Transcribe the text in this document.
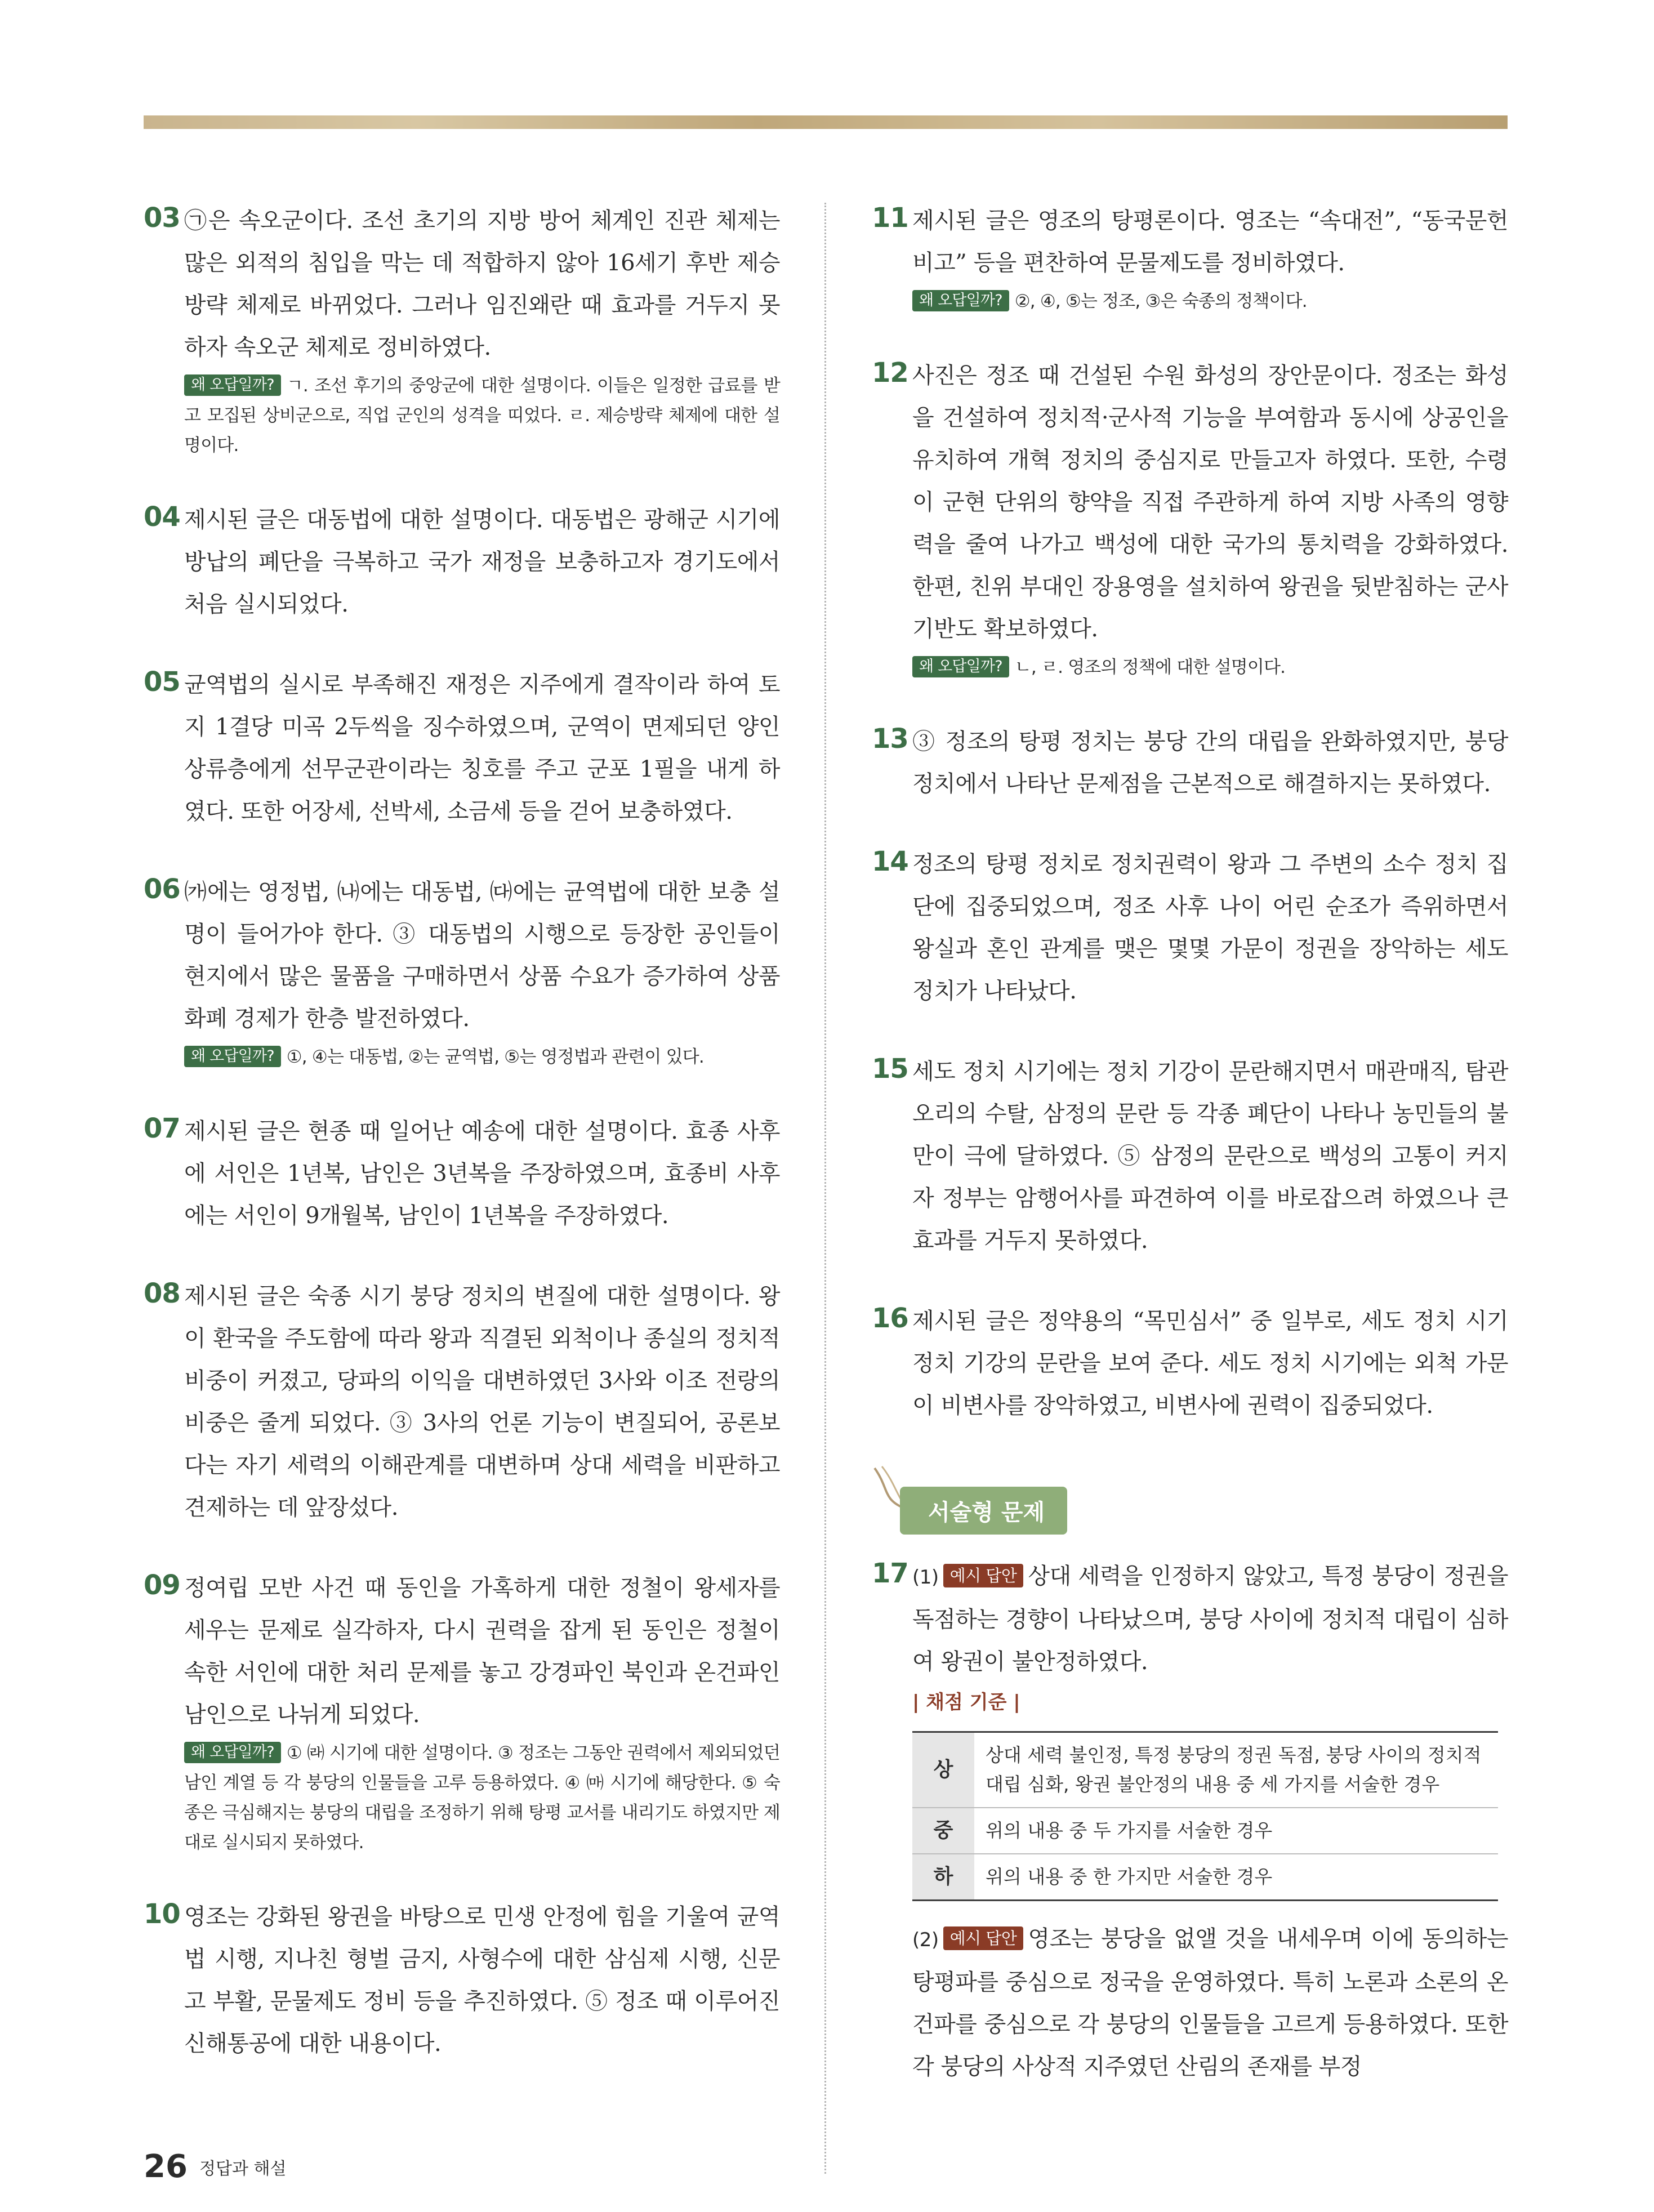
03 ㉠은 속오군이다. 조선 초기의 지방 방어 체계인 진관 체제는 많은 외적의 침입을 막는 데 적합하지 않아 16세기 후반 제승방략 체제로 바뀌었다. 그러나 임진왜란 때 효과를 거두지 못하자 속오군 체제로 정비하였다.
왜 오답일까? ㄱ. 조선 후기의 중앙군에 대한 설명이다. 이들은 일정한 급료를 받고 모집된 상비군으로, 직업 군인의 성격을 띠었다. ㄹ. 제승방략 체제에 대한 설명이다.
04 제시된 글은 대동법에 대한 설명이다. 대동법은 광해군 시기에 방납의 폐단을 극복하고 국가 재정을 보충하고자 경기도에서 처음 실시되었다.
05 균역법의 실시로 부족해진 재정은 지주에게 결작이라 하여 토지 1결당 미곡 2두씩을 징수하였으며, 군역이 면제되던 양인 상류층에게 선무군관이라는 칭호를 주고 군포 1필을 내게 하였다. 또한 어장세, 선박세, 소금세 등을 걷어 보충하였다.
06 ㈎에는 영정법, ㈏에는 대동법, ㈐에는 균역법에 대한 보충 설명이 들어가야 한다. ③ 대동법의 시행으로 등장한 공인들이 현지에서 많은 물품을 구매하면서 상품 수요가 증가하여 상품 화폐 경제가 한층 발전하였다.
왜 오답일까? ①, ④는 대동법, ②는 균역법, ⑤는 영정법과 관련이 있다.
07 제시된 글은 현종 때 일어난 예송에 대한 설명이다. 효종 사후에 서인은 1년복, 남인은 3년복을 주장하였으며, 효종비 사후에는 서인이 9개월복, 남인이 1년복을 주장하였다.
08 제시된 글은 숙종 시기 붕당 정치의 변질에 대한 설명이다. 왕이 환국을 주도함에 따라 왕과 직결된 외척이나 종실의 정치적 비중이 커졌고, 당파의 이익을 대변하였던 3사와 이조 전랑의 비중은 줄게 되었다. ③ 3사의 언론 기능이 변질되어, 공론보다는 자기 세력의 이해관계를 대변하며 상대 세력을 비판하고 견제하는 데 앞장섰다.
09 정여립 모반 사건 때 동인을 가혹하게 대한 정철이 왕세자를 세우는 문제로 실각하자, 다시 권력을 잡게 된 동인은 정철이 속한 서인에 대한 처리 문제를 놓고 강경파인 북인과 온건파인 남인으로 나뉘게 되었다.
왜 오답일까? ① ㈑ 시기에 대한 설명이다. ③ 정조는 그동안 권력에서 제외되었던 남인 계열 등 각 붕당의 인물들을 고루 등용하였다. ④ ㈒ 시기에 해당한다. ⑤ 숙종은 극심해지는 붕당의 대립을 조정하기 위해 탕평 교서를 내리기도 하였지만 제대로 실시되지 못하였다.
10 영조는 강화된 왕권을 바탕으로 민생 안정에 힘을 기울여 균역법 시행, 지나친 형벌 금지, 사형수에 대한 삼심제 시행, 신문고 부활, 문물제도 정비 등을 추진하였다. ⑤ 정조 때 이루어진 신해통공에 대한 내용이다.
11 제시된 글은 영조의 탕평론이다. 영조는 “속대전”, “동국문헌비고” 등을 편찬하여 문물제도를 정비하였다.
왜 오답일까? ②, ④, ⑤는 정조, ③은 숙종의 정책이다.
12 사진은 정조 때 건설된 수원 화성의 장안문이다. 정조는 화성을 건설하여 정치적·군사적 기능을 부여함과 동시에 상공인을 유치하여 개혁 정치의 중심지로 만들고자 하였다. 또한, 수령이 군현 단위의 향약을 직접 주관하게 하여 지방 사족의 영향력을 줄여 나가고 백성에 대한 국가의 통치력을 강화하였다. 한편, 친위 부대인 장용영을 설치하여 왕권을 뒷받침하는 군사 기반도 확보하였다.
왜 오답일까? ㄴ, ㄹ. 영조의 정책에 대한 설명이다.
13 ③ 정조의 탕평 정치는 붕당 간의 대립을 완화하였지만, 붕당 정치에서 나타난 문제점을 근본적으로 해결하지는 못하였다.
14 정조의 탕평 정치로 정치권력이 왕과 그 주변의 소수 정치 집단에 집중되었으며, 정조 사후 나이 어린 순조가 즉위하면서 왕실과 혼인 관계를 맺은 몇몇 가문이 정권을 장악하는 세도 정치가 나타났다.
15 세도 정치 시기에는 정치 기강이 문란해지면서 매관매직, 탐관오리의 수탈, 삼정의 문란 등 각종 폐단이 나타나 농민들의 불만이 극에 달하였다. ⑤ 삼정의 문란으로 백성의 고통이 커지자 정부는 암행어사를 파견하여 이를 바로잡으려 하였으나 큰 효과를 거두지 못하였다.
16 제시된 글은 정약용의 “목민심서” 중 일부로, 세도 정치 시기 정치 기강의 문란을 보여 준다. 세도 정치 시기에는 외척 가문이 비변사를 장악하였고, 비변사에 권력이 집중되었다.
서술형 문제
17 (1) 예시 답안 상대 세력을 인정하지 않았고, 특정 붕당이 정권을 독점하는 경향이 나타났으며, 붕당 사이에 정치적 대립이 심하여 왕권이 불안정하였다.
| 채점 기준 |
상	상대 세력 불인정, 특정 붕당의 정권 독점, 붕당 사이의 정치적 대립 심화, 왕권 불안정의 내용 중 세 가지를 서술한 경우
중	위의 내용 중 두 가지를 서술한 경우
하	위의 내용 중 한 가지만 서술한 경우
(2) 예시 답안 영조는 붕당을 없앨 것을 내세우며 이에 동의하는 탕평파를 중심으로 정국을 운영하였다. 특히 노론과 소론의 온건파를 중심으로 각 붕당의 인물들을 고르게 등용하였다. 또한 각 붕당의 사상적 지주였던 산림의 존재를 부정
26 정답과 해설
